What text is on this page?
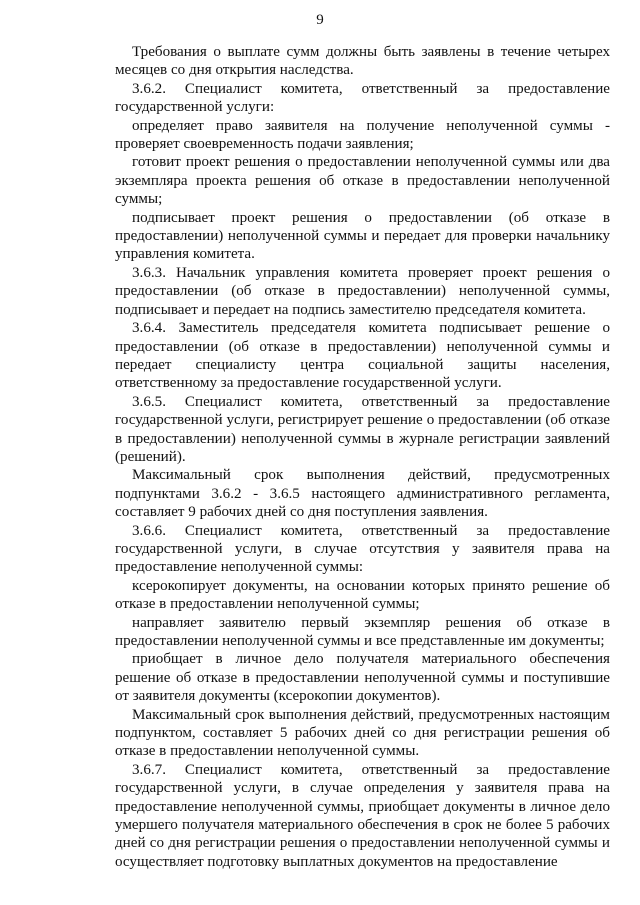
9

Требования о выплате сумм должны быть заявлены в течение четырех месяцев со дня открытия наследства.

3.6.2. Специалист комитета, ответственный за предоставление государственной услуги:

определяет право заявителя на получение неполученной суммы - проверяет своевременность подачи заявления;

готовит проект решения о предоставлении неполученной суммы или два экземпляра проекта решения об отказе в предоставлении неполученной суммы;

подписывает проект решения о предоставлении (об отказе в предоставлении) неполученной суммы и передает для проверки начальнику управления комитета.

3.6.3. Начальник управления комитета проверяет проект решения о предоставлении (об отказе в предоставлении) неполученной суммы, подписывает и передает на подпись заместителю председателя комитета.

3.6.4. Заместитель председателя комитета подписывает решение о предоставлении (об отказе в предоставлении) неполученной суммы и передает специалисту центра социальной защиты населения, ответственному за предоставление государственной услуги.

3.6.5. Специалист комитета, ответственный за предоставление государственной услуги, регистрирует решение о предоставлении (об отказе в предоставлении) неполученной суммы в журнале регистрации заявлений (решений).

Максимальный срок выполнения действий, предусмотренных подпунктами 3.6.2 - 3.6.5 настоящего административного регламента, составляет 9 рабочих дней со дня поступления заявления.

3.6.6. Специалист комитета, ответственный за предоставление государственной услуги, в случае отсутствия у заявителя права на предоставление неполученной суммы:

ксерокопирует документы, на основании которых принято решение об отказе в предоставлении неполученной суммы;

направляет заявителю первый экземпляр решения об отказе в предоставлении неполученной суммы и все представленные им документы;

приобщает в личное дело получателя материального обеспечения решение об отказе в предоставлении неполученной суммы и поступившие от заявителя документы (ксерокопии документов).

Максимальный срок выполнения действий, предусмотренных настоящим подпунктом, составляет 5 рабочих дней со дня регистрации решения об отказе в предоставлении неполученной суммы.

3.6.7. Специалист комитета, ответственный за предоставление государственной услуги, в случае определения у заявителя права на предоставление неполученной суммы, приобщает документы в личное дело умершего получателя материального обеспечения в срок не более 5 рабочих дней со дня регистрации решения о предоставлении неполученной суммы и осуществляет подготовку выплатных документов на предоставление
